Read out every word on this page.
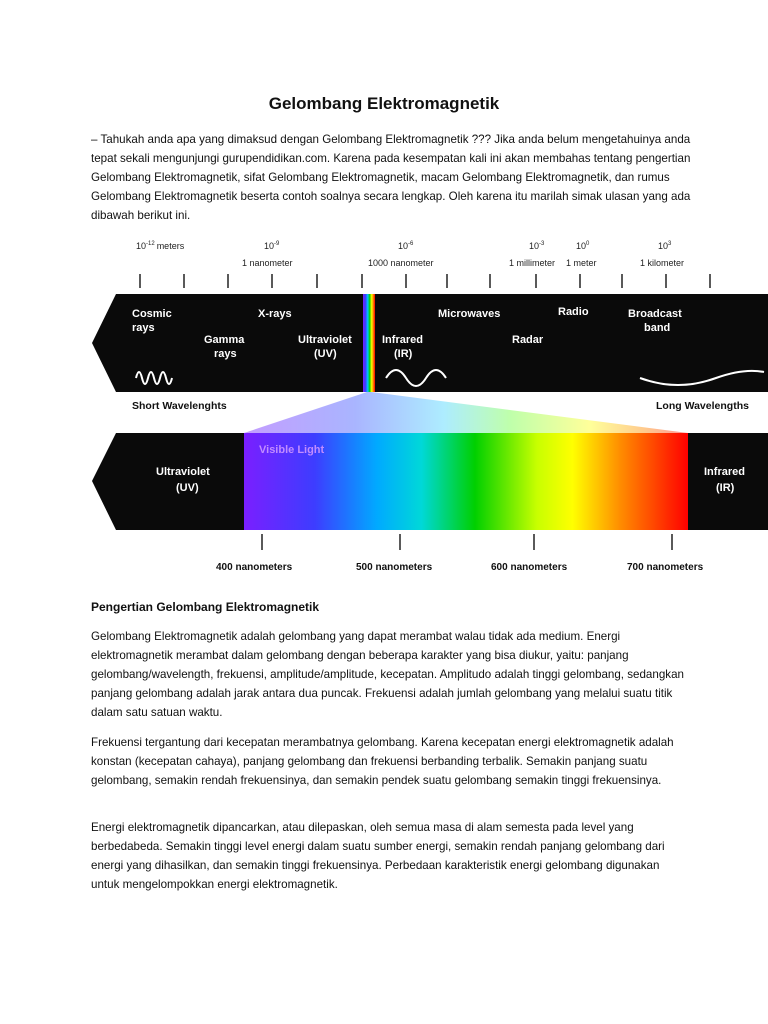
Gelombang Elektromagnetik

– Tahukah anda apa yang dimaksud dengan Gelombang Elektromagnetik ??? Jika anda belum mengetahuinya anda tepat sekali mengunjungi gurupendidikan.com. Karena pada kesempatan kali ini akan membahas tentang pengertian Gelombang Elektromagnetik, sifat Gelombang Elektromagnetik, macam Gelombang Elektromagnetik, dan rumus Gelombang Elektromagnetik beserta contoh soalnya secara lengkap. Oleh karena itu marilah simak ulasan yang ada dibawah berikut ini.

$10^{-12}$ meters	$10^{-9}$
1 nanometer
$10^{-6}$
1000 nanometer
$10^{-3}$
1 millimeter
$10^0$
1 meter
$10^3$
1 kilometer
Cosmic
rays
Gamma
rays
X-rays
Ultraviolet
(UV)
Infrared
(IR)
Microwaves
Radar
Radio	Broadcast
band
Short Wavelenghts	Long Wavelengths
Visible Light
Ultraviolet
(UV)
Infrared
(IR)
400 nanometers	500 nanometers	600 nanometers	700 nanometers
Pengertian Gelombang Elektromagnetik

Gelombang Elektromagnetik adalah gelombang yang dapat merambat walau tidak ada medium. Energi elektromagnetik merambat dalam gelombang dengan beberapa karakter yang bisa diukur, yaitu: panjang gelombang/wavelength, frekuensi, amplitude/amplitude, kecepatan. Amplitudo adalah tinggi gelombang, sedangkan panjang gelombang adalah jarak antara dua puncak. Frekuensi adalah jumlah gelombang yang melalui suatu titik dalam satu satuan waktu.

Frekuensi tergantung dari kecepatan merambatnya gelombang. Karena kecepatan energi elektromagnetik adalah konstan (kecepatan cahaya), panjang gelombang dan frekuensi berbanding terbalik. Semakin panjang suatu gelombang, semakin rendah frekuensinya, dan semakin pendek suatu gelombang semakin tinggi frekuensinya.

Energi elektromagnetik dipancarkan, atau dilepaskan, oleh semua masa di alam semesta pada level yang berbedabeda. Semakin tinggi level energi dalam suatu sumber energi, semakin rendah panjang gelombang dari energi yang dihasilkan, dan semakin tinggi frekuensinya. Perbedaan karakteristik energi gelombang digunakan untuk mengelompokkan energi elektromagnetik.
